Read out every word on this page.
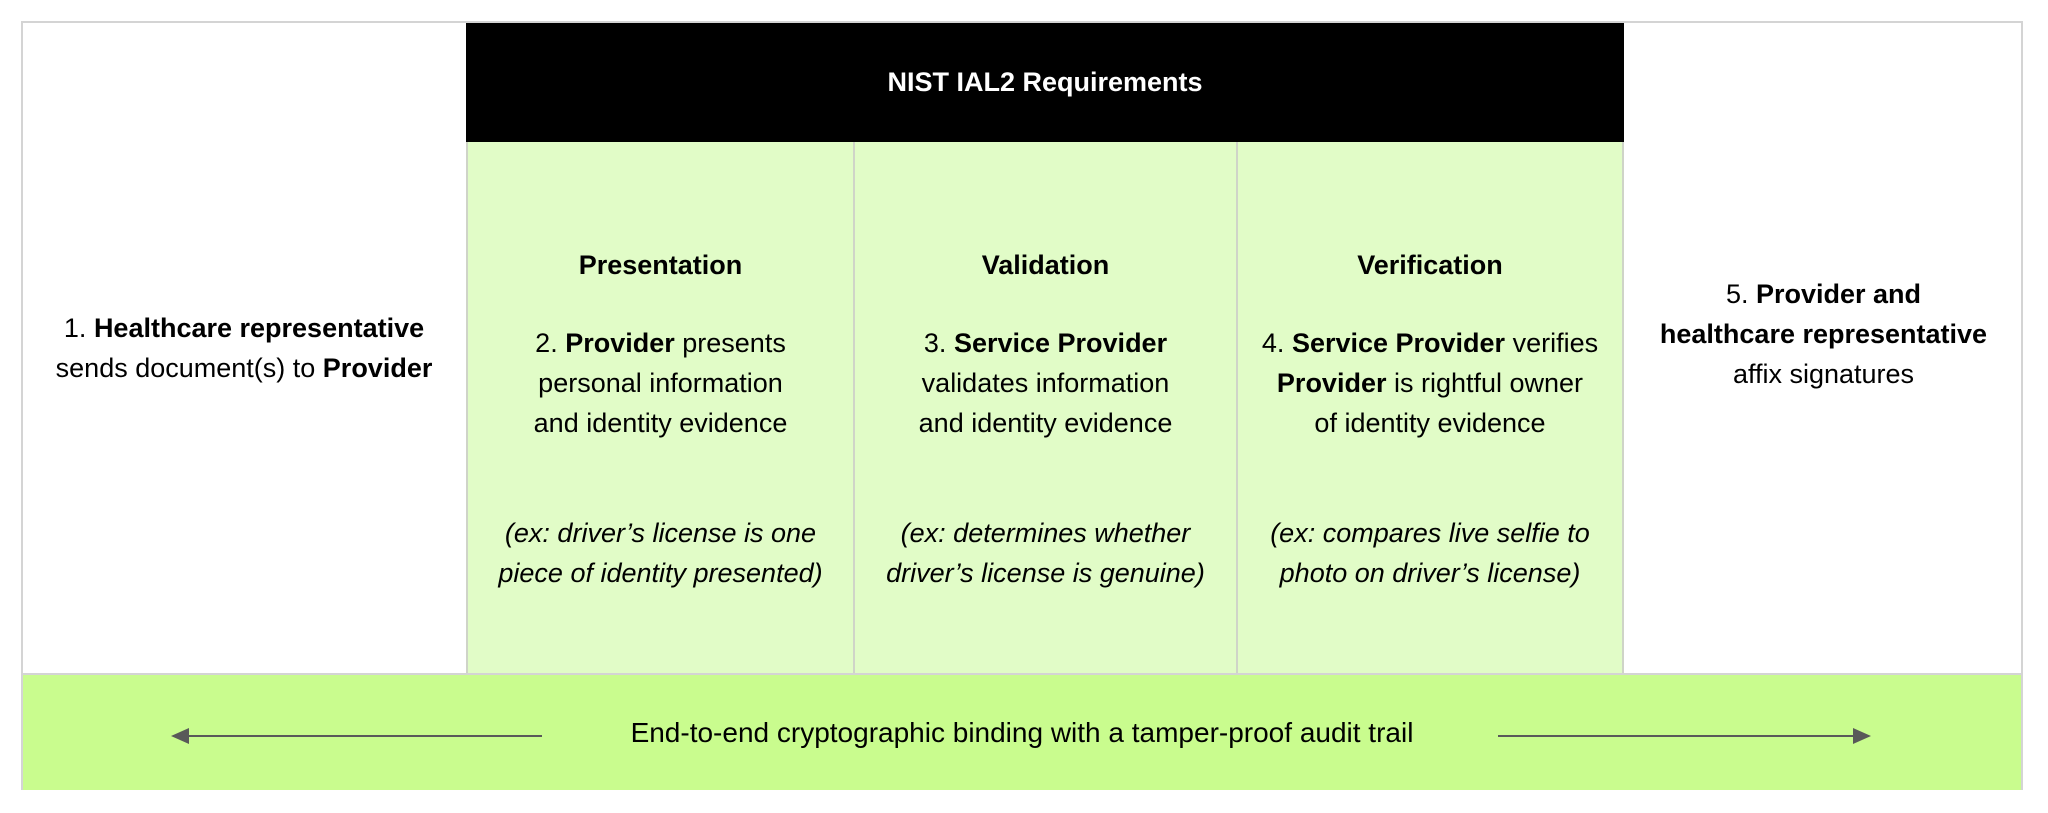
1. Healthcare representative
sends document(s) to Provider
NIST IAL2 Requirements
Presentation
2. Provider presents
personal information
and identity evidence
(ex: driver’s license is one
piece of identity presented)
Validation
3. Service Provider
validates information
and identity evidence
(ex: determines whether
driver’s license is genuine)
Verification
4. Service Provider verifies
Provider is rightful owner
of identity evidence
(ex: compares live selfie to
photo on driver’s license)
5. Provider and
healthcare representative
affix signatures
End-to-end cryptographic binding with a tamper-proof audit trail
